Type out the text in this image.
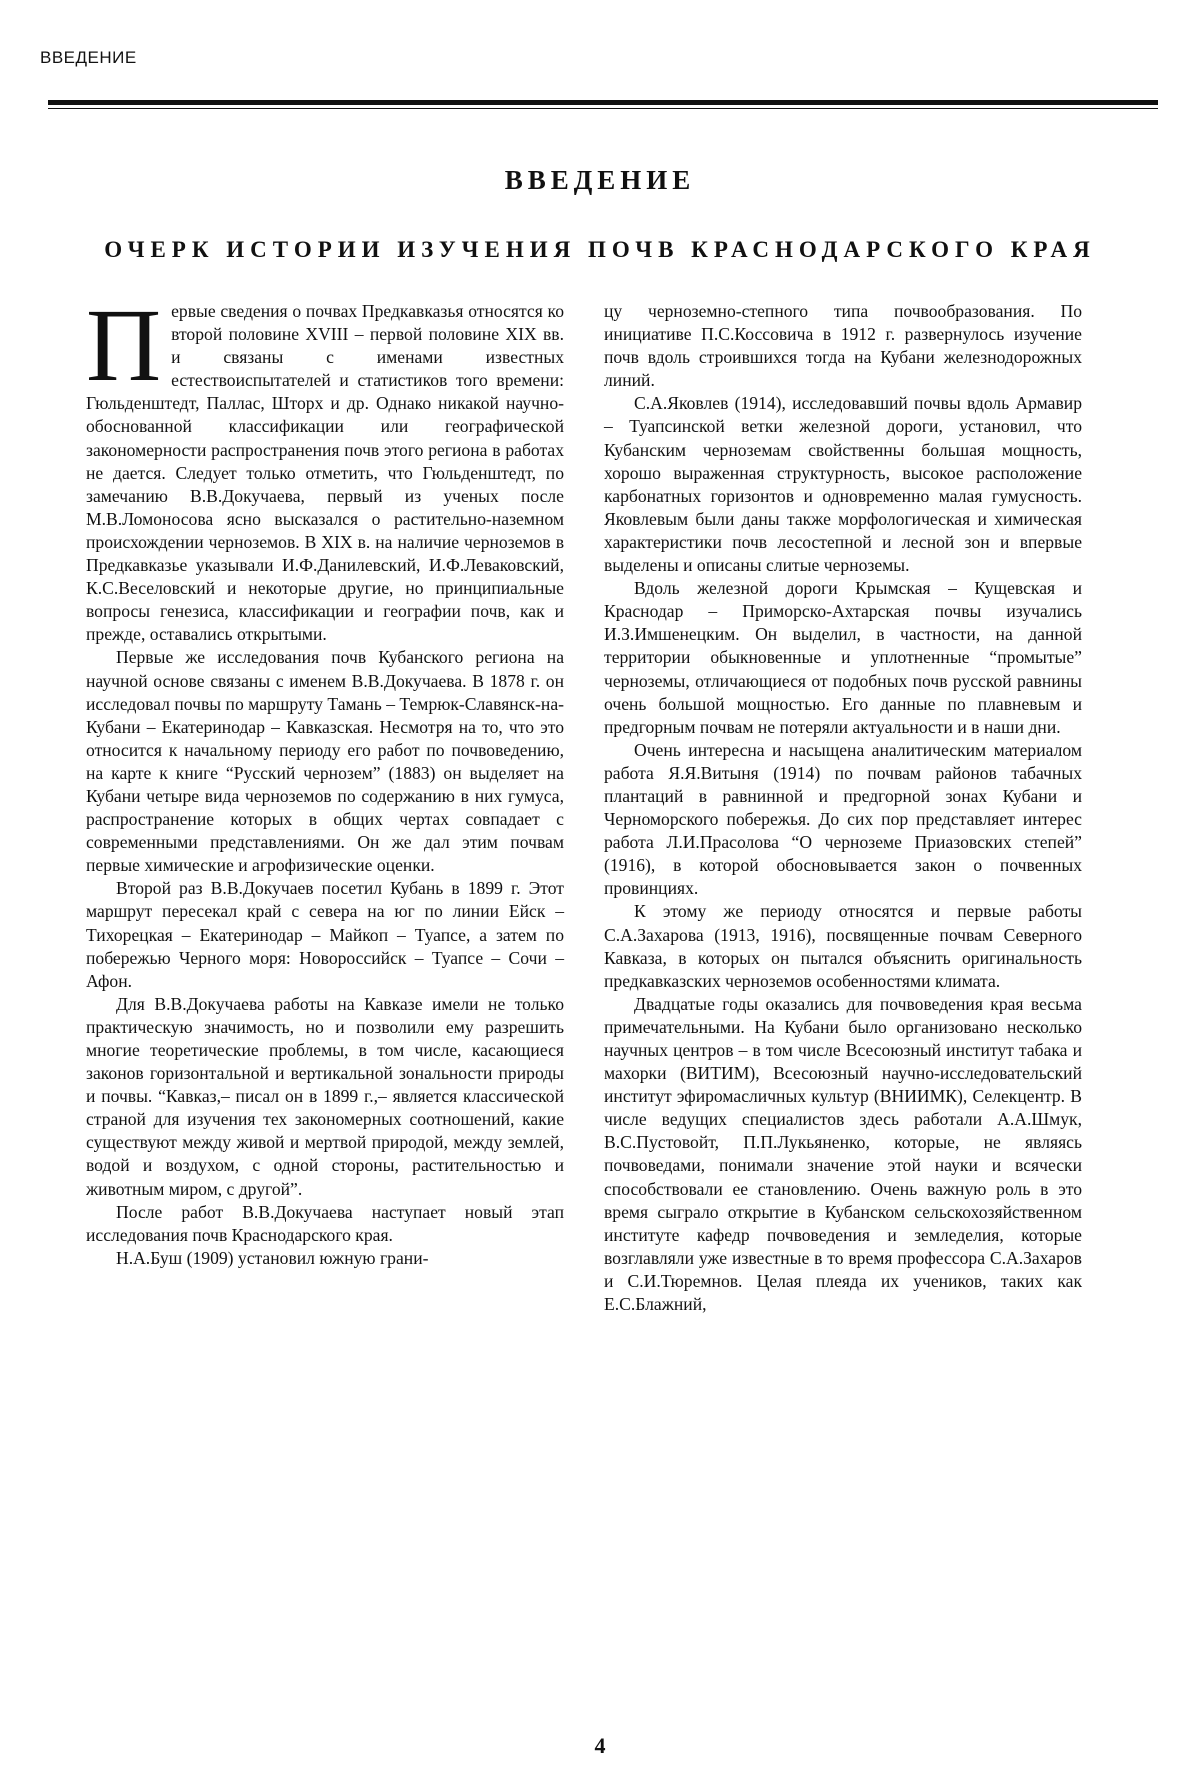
ВВЕДЕНИЕ
ВВЕДЕНИЕ
ОЧЕРК ИСТОРИИ ИЗУЧЕНИЯ ПОЧВ КРАСНОДАРСКОГО КРАЯ

Первые сведения о почвах Предкавказья относятся ко второй половине XVIII – первой половине XIX вв. и связаны с именами известных естествоиспытателей и статистиков того времени: Гюльденштедт, Паллас, Шторх и др. Однако никакой научно-обоснованной классификации или географической закономерности распространения почв этого региона в работах не дается. Следует только отметить, что Гюльденштедт, по замечанию В.В.Докучаева, первый из ученых после М.В.Ломоносова ясно высказался о растительно-наземном происхождении черноземов. В XIX в. на наличие черноземов в Предкавказье указывали И.Ф.Данилевский, И.Ф.Леваковский, К.С.Веселовский и некоторые другие, но принципиальные вопросы генезиса, классификации и географии почв, как и прежде, оставались открытыми.

Первые же исследования почв Кубанского региона на научной основе связаны с именем В.В.Докучаева. В 1878 г. он исследовал почвы по маршруту Тамань – Темрюк-Славянск-на-Кубани – Екатеринодар – Кавказская. Несмотря на то, что это относится к начальному периоду его работ по почвоведению, на карте к книге “Русский чернозем” (1883) он выделяет на Кубани четыре вида черноземов по содержанию в них гумуса, распространение которых в общих чертах совпадает с современными представлениями. Он же дал этим почвам первые химические и агрофизические оценки.

Второй раз В.В.Докучаев посетил Кубань в 1899 г. Этот маршрут пересекал край с севера на юг по линии Ейск – Тихорецкая – Екатеринодар – Майкоп – Туапсе, а затем по побережью Черного моря: Новороссийск – Туапсе – Сочи – Афон.

Для В.В.Докучаева работы на Кавказе имели не только практическую значимость, но и позволили ему разрешить многие теоретические проблемы, в том числе, касающиеся законов горизонтальной и вертикальной зональности природы и почвы. “Кавказ,– писал он в 1899 г.,– является классической страной для изучения тех закономерных соотношений, какие существуют между живой и мертвой природой, между землей, водой и воздухом, с одной стороны, растительностью и животным миром, с другой”.

После работ В.В.Докучаева наступает новый этап исследования почв Краснодарского края.

Н.А.Буш (1909) установил южную грани-

цу черноземно-степного типа почвообразования. По инициативе П.С.Коссовича в 1912 г. развернулось изучение почв вдоль строившихся тогда на Кубани железнодорожных линий.

С.А.Яковлев (1914), исследовавший почвы вдоль Армавир – Туапсинской ветки железной дороги, установил, что Кубанским черноземам свойственны большая мощность, хорошо выраженная структурность, высокое расположение карбонатных горизонтов и одновременно малая гумусность. Яковлевым были даны также морфологическая и химическая характеристики почв лесостепной и лесной зон и впервые выделены и описаны слитые черноземы.

Вдоль железной дороги Крымская – Кущевская и Краснодар – Приморско-Ахтарская почвы изучались И.З.Имшенецким. Он выделил, в частности, на данной территории обыкновенные и уплотненные “промытые” черноземы, отличающиеся от подобных почв русской равнины очень большой мощностью. Его данные по плавневым и предгорным почвам не потеряли актуальности и в наши дни.

Очень интересна и насыщена аналитическим материалом работа Я.Я.Витыня (1914) по почвам районов табачных плантаций в равнинной и предгорной зонах Кубани и Черноморского побережья. До сих пор представляет интерес работа Л.И.Прасолова “О черноземе Приазовских степей” (1916), в которой обосновывается закон о почвенных провинциях.

К этому же периоду относятся и первые работы С.А.Захарова (1913, 1916), посвященные почвам Северного Кавказа, в которых он пытался объяснить оригинальность предкавказских черноземов особенностями климата.

Двадцатые годы оказались для почвоведения края весьма примечательными. На Кубани было организовано несколько научных центров – в том числе Всесоюзный институт табака и махорки (ВИТИМ), Всесоюзный научно-исследовательский институт эфиромасличных культур (ВНИИМК), Селекцентр. В числе ведущих специалистов здесь работали А.А.Шмук, В.С.Пустовойт, П.П.Лукьяненко, которые, не являясь почвоведами, понимали значение этой науки и всячески способствовали ее становлению. Очень важную роль в это время сыграло открытие в Кубанском сельскохозяйственном институте кафедр почвоведения и земледелия, которые возглавляли уже известные в то время профессора С.А.Захаров и С.И.Тюремнов. Целая плеяда их учеников, таких как Е.С.Блажний,

4
